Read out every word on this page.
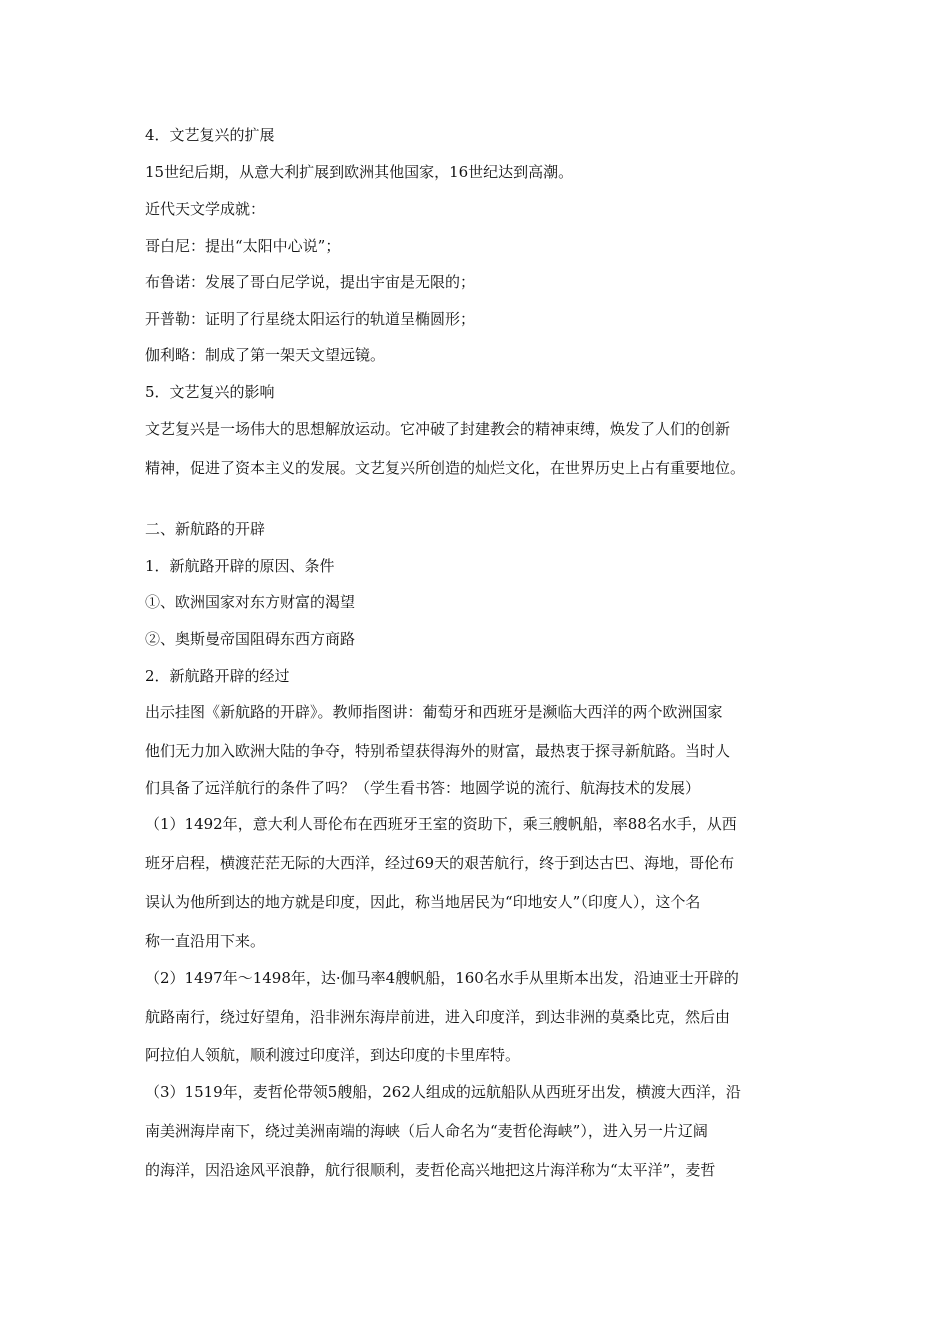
4．文艺复兴的扩展

15世纪后期，从意大利扩展到欧洲其他国家，16世纪达到高潮。

近代天文学成就：

哥白尼：提出“太阳中心说”；

布鲁诺：发展了哥白尼学说，提出宇宙是无限的；

开普勒：证明了行星绕太阳运行的轨道呈椭圆形；

伽利略：制成了第一架天文望远镜。

5．文艺复兴的影响

文艺复兴是一场伟大的思想解放运动。它冲破了封建教会的精神束缚，焕发了人们的创新

精神，促进了资本主义的发展。文艺复兴所创造的灿烂文化，在世界历史上占有重要地位。

二、新航路的开辟

1．新航路开辟的原因、条件

①、欧洲国家对东方财富的渴望

②、奥斯曼帝国阻碍东西方商路

2．新航路开辟的经过

出示挂图《新航路的开辟》。教师指图讲：葡萄牙和西班牙是濒临大西洋的两个欧洲国家

他们无力加入欧洲大陆的争夺，特别希望获得海外的财富，最热衷于探寻新航路。当时人

们具备了远洋航行的条件了吗？（学生看书答：地圆学说的流行、航海技术的发展）

（1）1492年，意大利人哥伦布在西班牙王室的资助下，乘三艘帆船，率88名水手，从西

班牙启程，横渡茫茫无际的大西洋，经过69天的艰苦航行，终于到达古巴、海地，哥伦布

误认为他所到达的地方就是印度，因此，称当地居民为“印地安人”（印度人），这个名

称一直沿用下来。

（2）1497年～1498年，达·伽马率4艘帆船，160名水手从里斯本出发，沿迪亚士开辟的

航路南行，绕过好望角，沿非洲东海岸前进，进入印度洋，到达非洲的莫桑比克，然后由

阿拉伯人领航，顺利渡过印度洋，到达印度的卡里库特。

（3）1519年，麦哲伦带领5艘船，262人组成的远航船队从西班牙出发，横渡大西洋，沿

南美洲海岸南下，绕过美洲南端的海峡（后人命名为“麦哲伦海峡”），进入另一片辽阔

的海洋，因沿途风平浪静，航行很顺利，麦哲伦高兴地把这片海洋称为“太平洋”，麦哲
